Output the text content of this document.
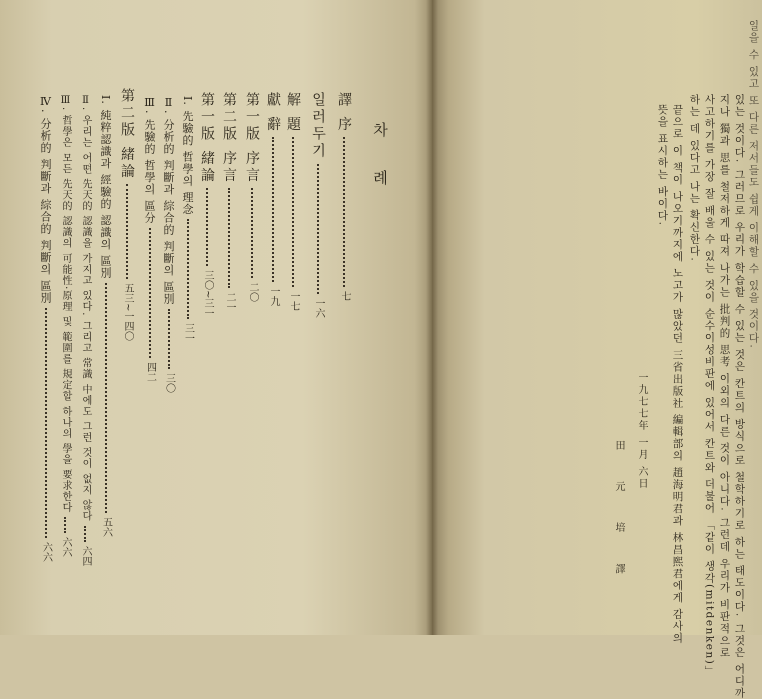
차 례
譯 序
七
일러두기
一六
解 題
一七
獻 辭
一九
第一版 序言
二〇
第二版 序言
二一
第一版 緒論
三〇~三一
I. 先驗的 哲學의 理念
三一
Ⅱ. 分析的 判斷과 綜合的 判斷의 區別
三〇
Ⅲ. 先驗的 哲學의 區分
四二
第二版 緒論
五三~一四〇
I. 純粹認識과 經驗的 認識의 區別
五六
Ⅱ. 우리는 어떤 先天的 認識을 가지고 있다. 그리고 常識 中에도 그런 것이 없지 않다
六四
Ⅲ. 哲學은 모든 先天的 認識의 可能性·原理 및 範圍를 規定할 하나의 學을 要求한다
六六
Ⅳ. 分析的 判斷과 綜合的 判斷의 區別
六六
일을 수 있고 또 다른 저서들도 쉽게 이해할 수 있을 것이다.
있는 것이다. 그러므로 우리가 학습할 수 있는 것은 칸트의 방식으로 철학하기로 하는 태도이다. 그것은 어디까
지나 獨과 思를 철저하게 따져 나가는 批判的 思考 이외의 다른 것이 아니다. 그런데 우리가 비판적으로
사고하기를 가장 잘 배울 수 있는 것이 순수이성비판에 있어서 칸트와 더불어 「같이 생각(mitdenken)」
하는 데 있다고 나는 확신한다.
끝으로 이 책이 나오기까지에 노고가 많았던 三省出版社 編輯部의 趙海明君과 林昌熙君에게 감사의
뜻을 표시하는 바이다.
一九七七年 一月 六日
田 元 培 譯
